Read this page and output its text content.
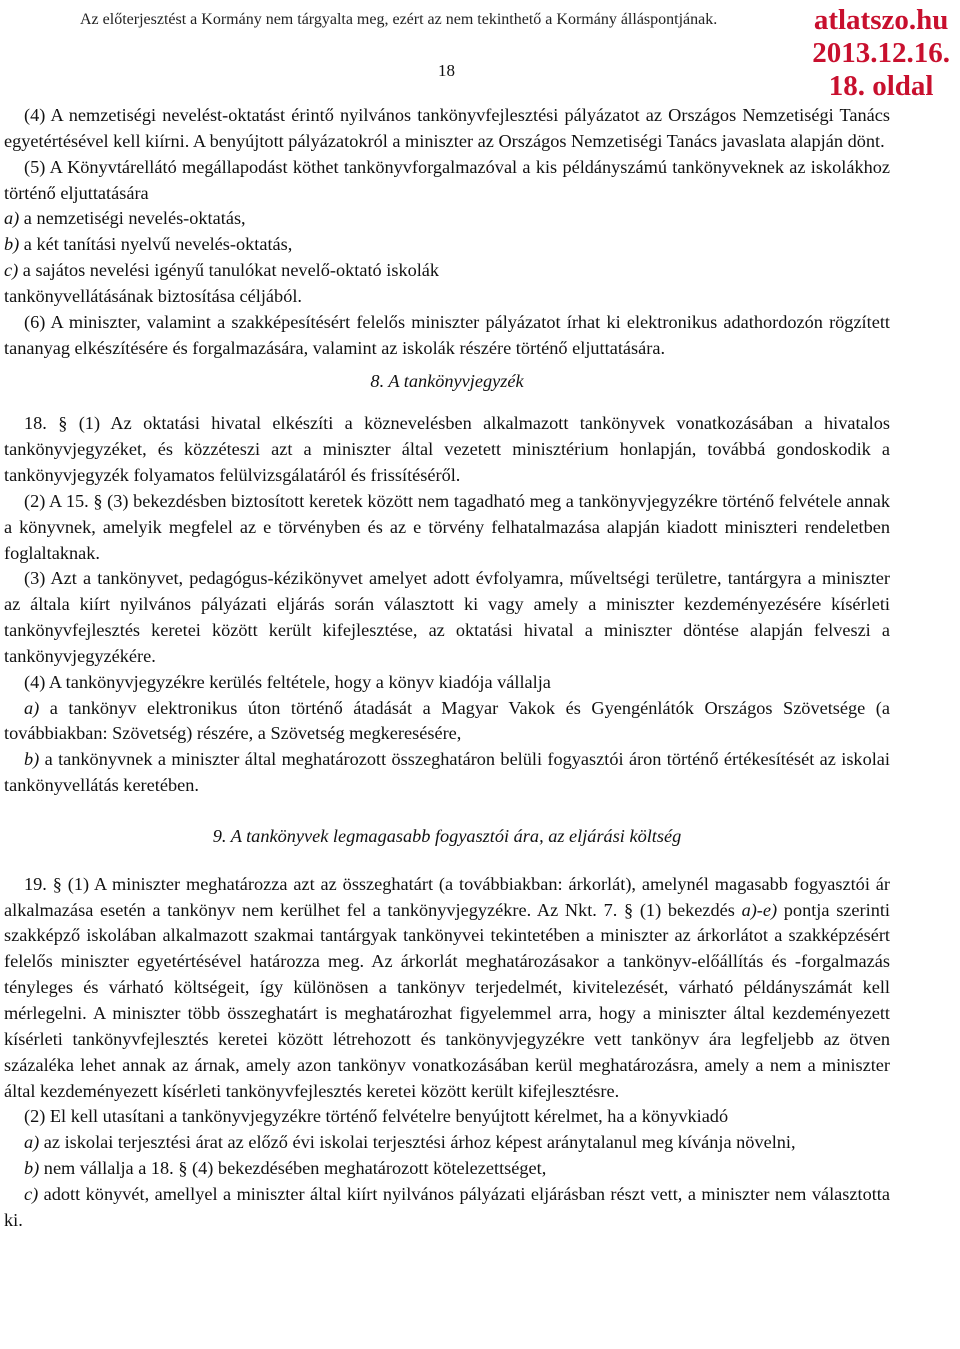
Az előterjesztést a Kormány nem tárgyalta meg, ezért az nem tekinthető a Kormány álláspontjának.
18
atlatszo.hu
2013.12.16.
18. oldal

(4) A nemzetiségi nevelést-oktatást érintő nyilvános tankönyvfejlesztési pályázatot az Országos Nemzetiségi Tanács egyetértésével kell kiírni. A benyújtott pályázatokról a miniszter az Országos Nemzetiségi Tanács javaslata alapján dönt.

(5) A Könyvtárellátó megállapodást köthet tankönyvforgalmazóval a kis példányszámú tankönyveknek az iskolákhoz történő eljuttatására

a) a nemzetiségi nevelés-oktatás,

b) a két tanítási nyelvű nevelés-oktatás,

c) a sajátos nevelési igényű tanulókat nevelő-oktató iskolák

tankönyvellátásának biztosítása céljából.

(6) A miniszter, valamint a szakképesítésért felelős miniszter pályázatot írhat ki elektronikus adathordozón rögzített tananyag elkészítésére és forgalmazására, valamint az iskolák részére történő eljuttatására.

8. A tankönyvjegyzék

18. § (1) Az oktatási hivatal elkészíti a köznevelésben alkalmazott tankönyvek vonatkozásában a hivatalos tankönyvjegyzéket, és közzéteszi azt a miniszter által vezetett minisztérium honlapján, továbbá gondoskodik a tankönyvjegyzék folyamatos felülvizsgálatáról és frissítéséről.

(2) A 15. § (3) bekezdésben biztosított keretek között nem tagadható meg a tankönyvjegyzékre történő felvétele annak a könyvnek, amelyik megfelel az e törvényben és az e törvény felhatalmazása alapján kiadott miniszteri rendeletben foglaltaknak.

(3) Azt a tankönyvet, pedagógus-kézikönyvet amelyet adott évfolyamra, műveltségi területre, tantárgyra a miniszter az általa kiírt nyilvános pályázati eljárás során választott ki vagy amely a miniszter kezdeményezésére kísérleti tankönyvfejlesztés keretei között került kifejlesztése, az oktatási hivatal a miniszter döntése alapján felveszi a tankönyvjegyzékére.

(4) A tankönyvjegyzékre kerülés feltétele, hogy a könyv kiadója vállalja

a) a tankönyv elektronikus úton történő átadását a Magyar Vakok és Gyengénlátók Országos Szövetsége (a továbbiakban: Szövetség) részére, a Szövetség megkeresésére,

b) a tankönyvnek a miniszter által meghatározott összeghatáron belüli fogyasztói áron történő értékesítését az iskolai tankönyvellátás keretében.

9. A tankönyvek legmagasabb fogyasztói ára, az eljárási költség

19. § (1) A miniszter meghatározza azt az összeghatárt (a továbbiakban: árkorlát), amelynél magasabb fogyasztói ár alkalmazása esetén a tankönyv nem kerülhet fel a tankönyvjegyzékre. Az Nkt. 7. § (1) bekezdés a)-e) pontja szerinti szakképző iskolában alkalmazott szakmai tantárgyak tankönyvei tekintetében a miniszter az árkorlátot a szakképzésért felelős miniszter egyetértésével határozza meg. Az árkorlát meghatározásakor a tankönyv-előállítás és -forgalmazás tényleges és várható költségeit, így különösen a tankönyv terjedelmét, kivitelezését, várható példányszámát kell mérlegelni. A miniszter több összeghatárt is meghatározhat figyelemmel arra, hogy a miniszter által kezdeményezett kísérleti tankönyvfejlesztés keretei között létrehozott és tankönyvjegyzékre vett tankönyv ára legfeljebb az ötven százaléka lehet annak az árnak, amely azon tankönyv vonatkozásában kerül meghatározásra, amely a nem a miniszter által kezdeményezett kísérleti tankönyvfejlesztés keretei között került kifejlesztésre.

(2) El kell utasítani a tankönyvjegyzékre történő felvételre benyújtott kérelmet, ha a könyvkiadó

a) az iskolai terjesztési árat az előző évi iskolai terjesztési árhoz képest aránytalanul meg kívánja növelni,

b) nem vállalja a 18. § (4) bekezdésében meghatározott kötelezettséget,

c) adott könyvét, amellyel a miniszter által kiírt nyilvános pályázati eljárásban részt vett, a miniszter nem választotta ki.
